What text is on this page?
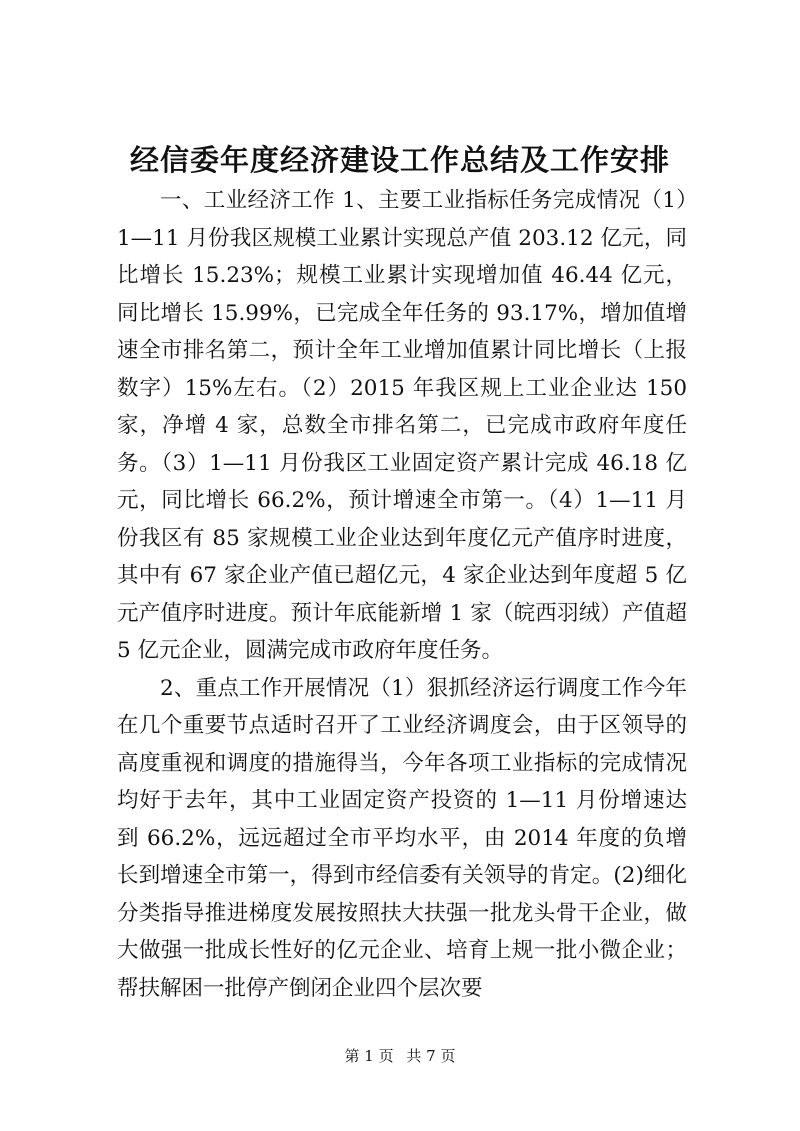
经信委年度经济建设工作总结及工作安排

一、工业经济工作 1、主要工业指标任务完成情况（1）1—11 月份我区规模工业累计实现总产值 203.12 亿元，同比增长 15.23%；规模工业累计实现增加值 46.44 亿元，同比增长 15.99%，已完成全年任务的 93.17%，增加值增速全市排名第二，预计全年工业增加值累计同比增长（上报数字）15%左右。（2）2015 年我区规上工业企业达 150 家，净增 4 家，总数全市排名第二，已完成市政府年度任务。（3）1—11 月份我区工业固定资产累计完成 46.18 亿元，同比增长 66.2%，预计增速全市第一。（4）1—11 月份我区有 85 家规模工业企业达到年度亿元产值序时进度，其中有 67 家企业产值已超亿元，4 家企业达到年度超 5 亿元产值序时进度。预计年底能新增 1 家（皖西羽绒）产值超 5 亿元企业，圆满完成市政府年度任务。

2、重点工作开展情况（1）狠抓经济运行调度工作今年在几个重要节点适时召开了工业经济调度会，由于区领导的高度重视和调度的措施得当，今年各项工业指标的完成情况均好于去年，其中工业固定资产投资的 1—11 月份增速达到 66.2%，远远超过全市平均水平，由 2014 年度的负增长到增速全市第一，得到市经信委有关领导的肯定。(2)细化分类指导推进梯度发展按照扶大扶强一批龙头骨干企业，做大做强一批成长性好的亿元企业、培育上规一批小微企业；帮扶解困一批停产倒闭企业四个层次要

第 1 页 共 7 页
